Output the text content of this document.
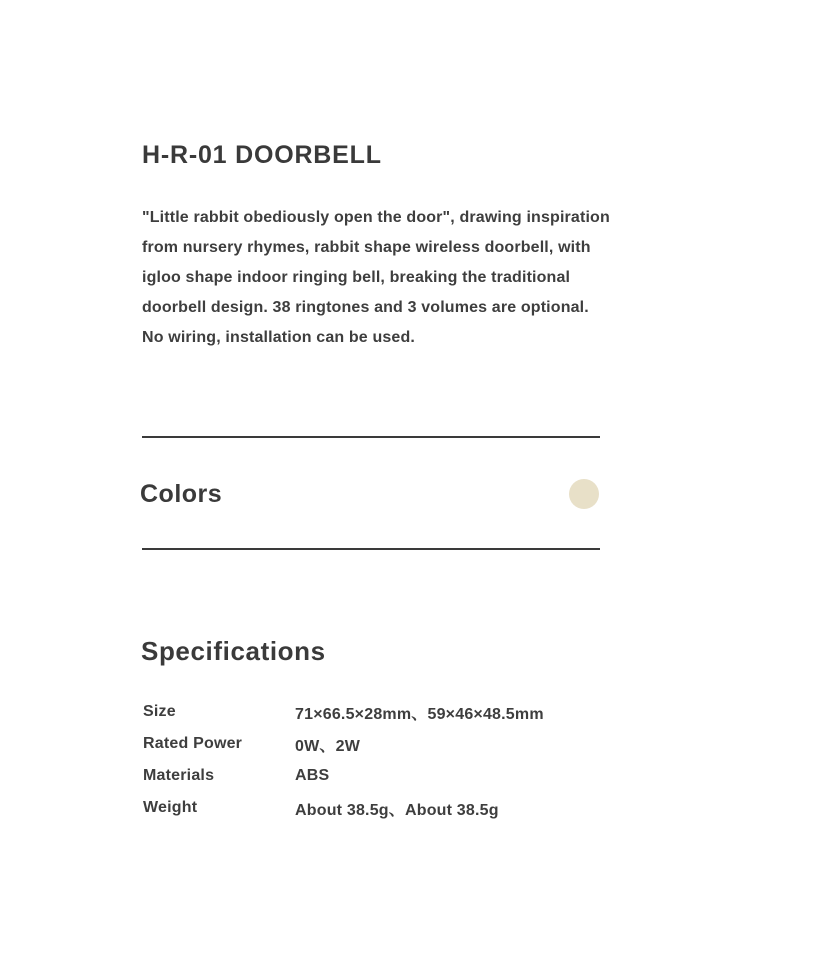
H-R-01 DOORBELL

"Little rabbit obediously open the door", drawing inspiration from nursery rhymes, rabbit shape wireless doorbell, with igloo shape indoor ringing bell, breaking the traditional doorbell design. 38 ringtones and 3 volumes are optional. No wiring, installation can be used.

Colors
Specifications
Size	71×66.5×28mm、59×46×48.5mm
Rated Power	0W、2W
Materials	ABS
Weight	About 38.5g、About 38.5g
